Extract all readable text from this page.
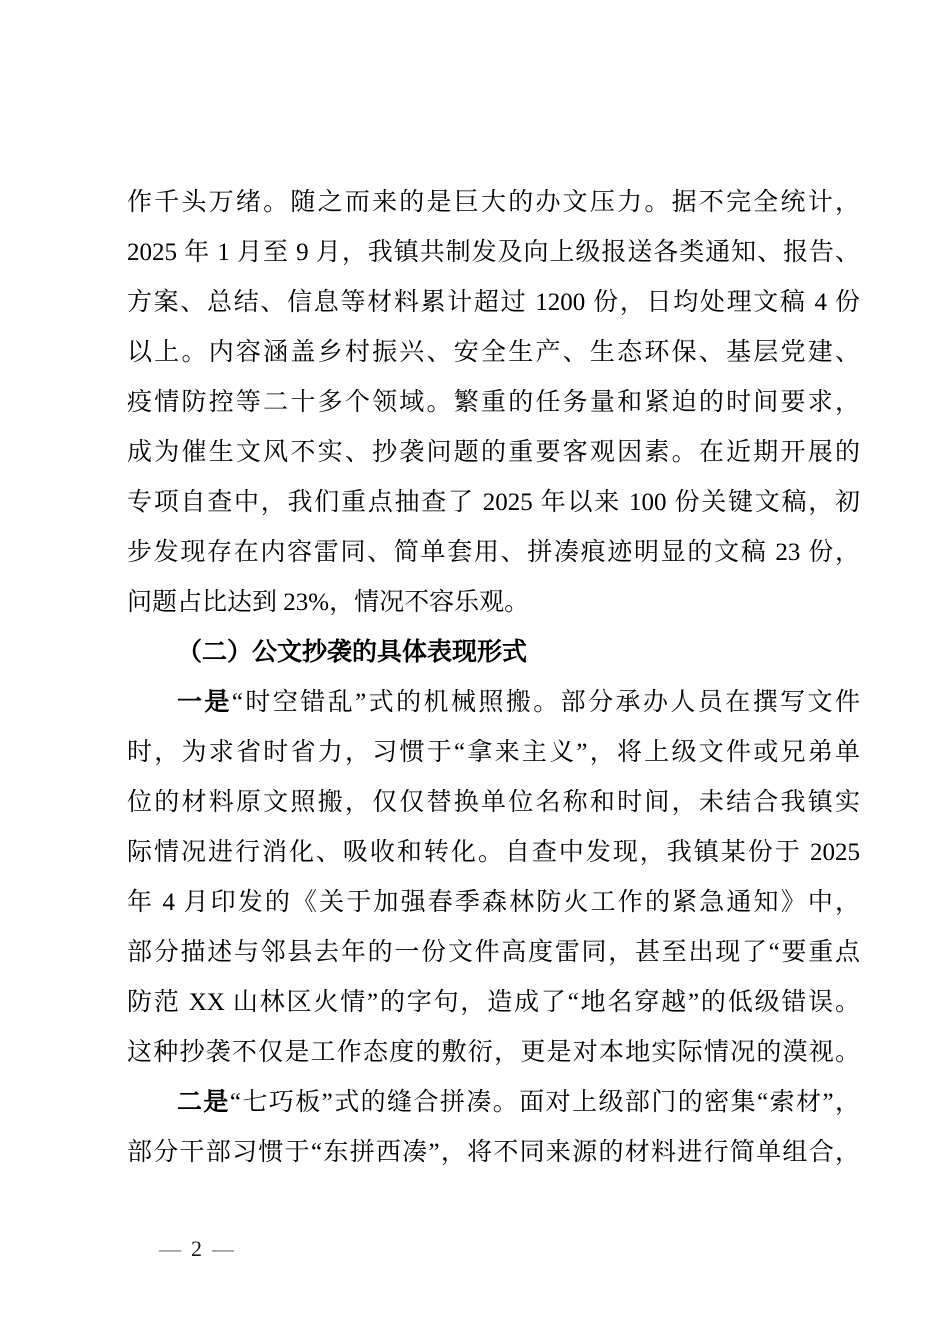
作千头万绪。随之而来的是巨大的办文压力。据不完全统计，
2025 年 1 月至 9 月，我镇共制发及向上级报送各类通知、报告、
方案、总结、信息等材料累计超过 1200 份，日均处理文稿 4 份
以上。内容涵盖乡村振兴、安全生产、生态环保、基层党建、
疫情防控等二十多个领域。繁重的任务量和紧迫的时间要求，
成为催生文风不实、抄袭问题的重要客观因素。在近期开展的
专项自查中，我们重点抽查了 2025 年以来 100 份关键文稿，初
步发现存在内容雷同、简单套用、拼凑痕迹明显的文稿 23 份，
问题占比达到 23%，情况不容乐观。
（二）公文抄袭的具体表现形式
一是“时空错乱”式的机械照搬。部分承办人员在撰写文件
时，为求省时省力，习惯于“拿来主义”，将上级文件或兄弟单
位的材料原文照搬，仅仅替换单位名称和时间，未结合我镇实
际情况进行消化、吸收和转化。自查中发现，我镇某份于 2025
年 4 月印发的《关于加强春季森林防火工作的紧急通知》中，
部分描述与邻县去年的一份文件高度雷同，甚至出现了“要重点
防范 XX 山林区火情”的字句，造成了“地名穿越”的低级错误。
这种抄袭不仅是工作态度的敷衍，更是对本地实际情况的漠视。
二是“七巧板”式的缝合拼凑。面对上级部门的密集“索材”，
部分干部习惯于“东拼西凑”，将不同来源的材料进行简单组合，
— 2 —
